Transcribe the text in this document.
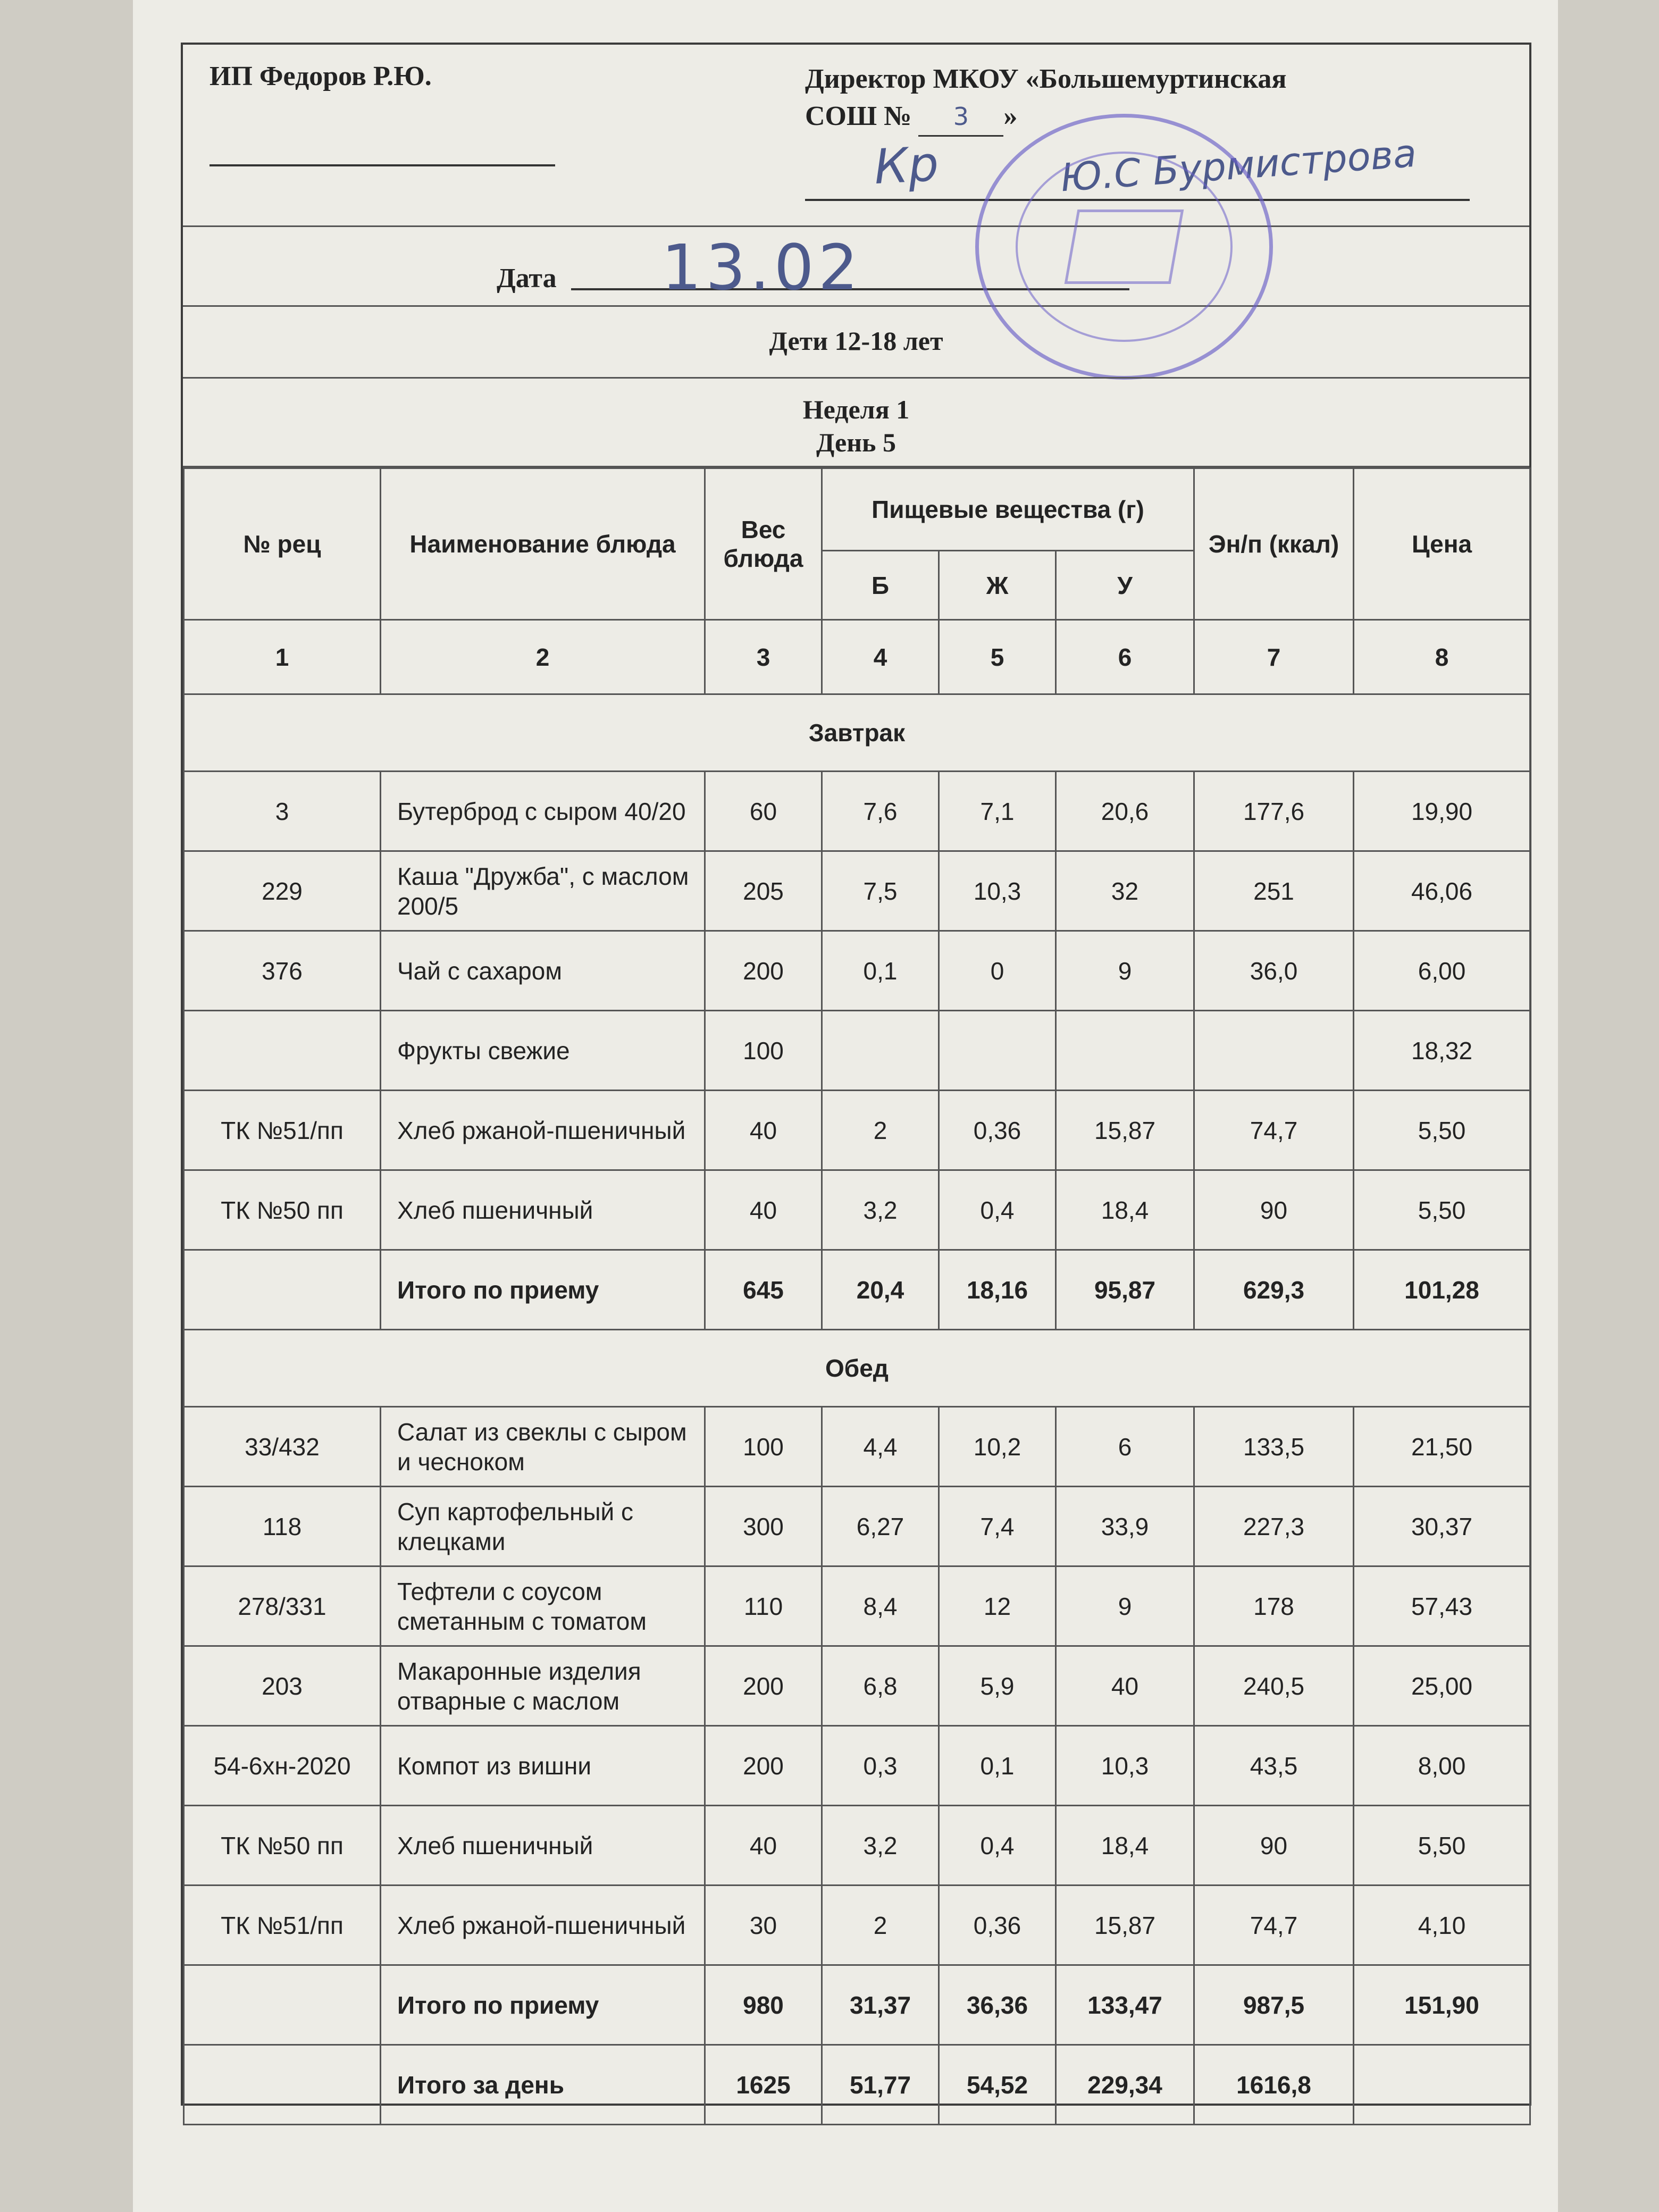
ИП Федоров Р.Ю.	Директор МКОУ «Большемуртинская
СОШ № 3 »
Кр	Ю.С Бурмистрова
Дата 13.02
Дети 12-18 лет
Неделя 1
День 5
№ рец	Наименование блюда	Вес блюда	Пищевые вещества (г)			Эн/п (ккал)	Цена
			Б	Ж	У		
1	2	3	4	5	6	7	8
Завтрак							
3	Бутерброд с сыром 40/20	60	7,6	7,1	20,6	177,6	19,90
229	Каша "Дружба", с маслом 200/5	205	7,5	10,3	32	251	46,06
376	Чай с сахаром	200	0,1	0	9	36,0	6,00
	Фрукты свежие	100					18,32
ТК №51/пп	Хлеб ржаной-пшеничный	40	2	0,36	15,87	74,7	5,50
ТК №50 пп	Хлеб пшеничный	40	3,2	0,4	18,4	90	5,50
	Итого по приему	645	20,4	18,16	95,87	629,3	101,28
Обед							
33/432	Салат из свеклы с сыром и чесноком	100	4,4	10,2	6	133,5	21,50
118	Суп картофельный с клецками	300	6,27	7,4	33,9	227,3	30,37
278/331	Тефтели с соусом сметанным с томатом	110	8,4	12	9	178	57,43
203	Макаронные изделия отварные с маслом	200	6,8	5,9	40	240,5	25,00
54-6хн-2020	Компот из вишни	200	0,3	0,1	10,3	43,5	8,00
ТК №50 пп	Хлеб пшеничный	40	3,2	0,4	18,4	90	5,50
ТК №51/пп	Хлеб ржаной-пшеничный	30	2	0,36	15,87	74,7	4,10
	Итого по приему	980	31,37	36,36	133,47	987,5	151,90
	Итого за день	1625	51,77	54,52	229,34	1616,8	
